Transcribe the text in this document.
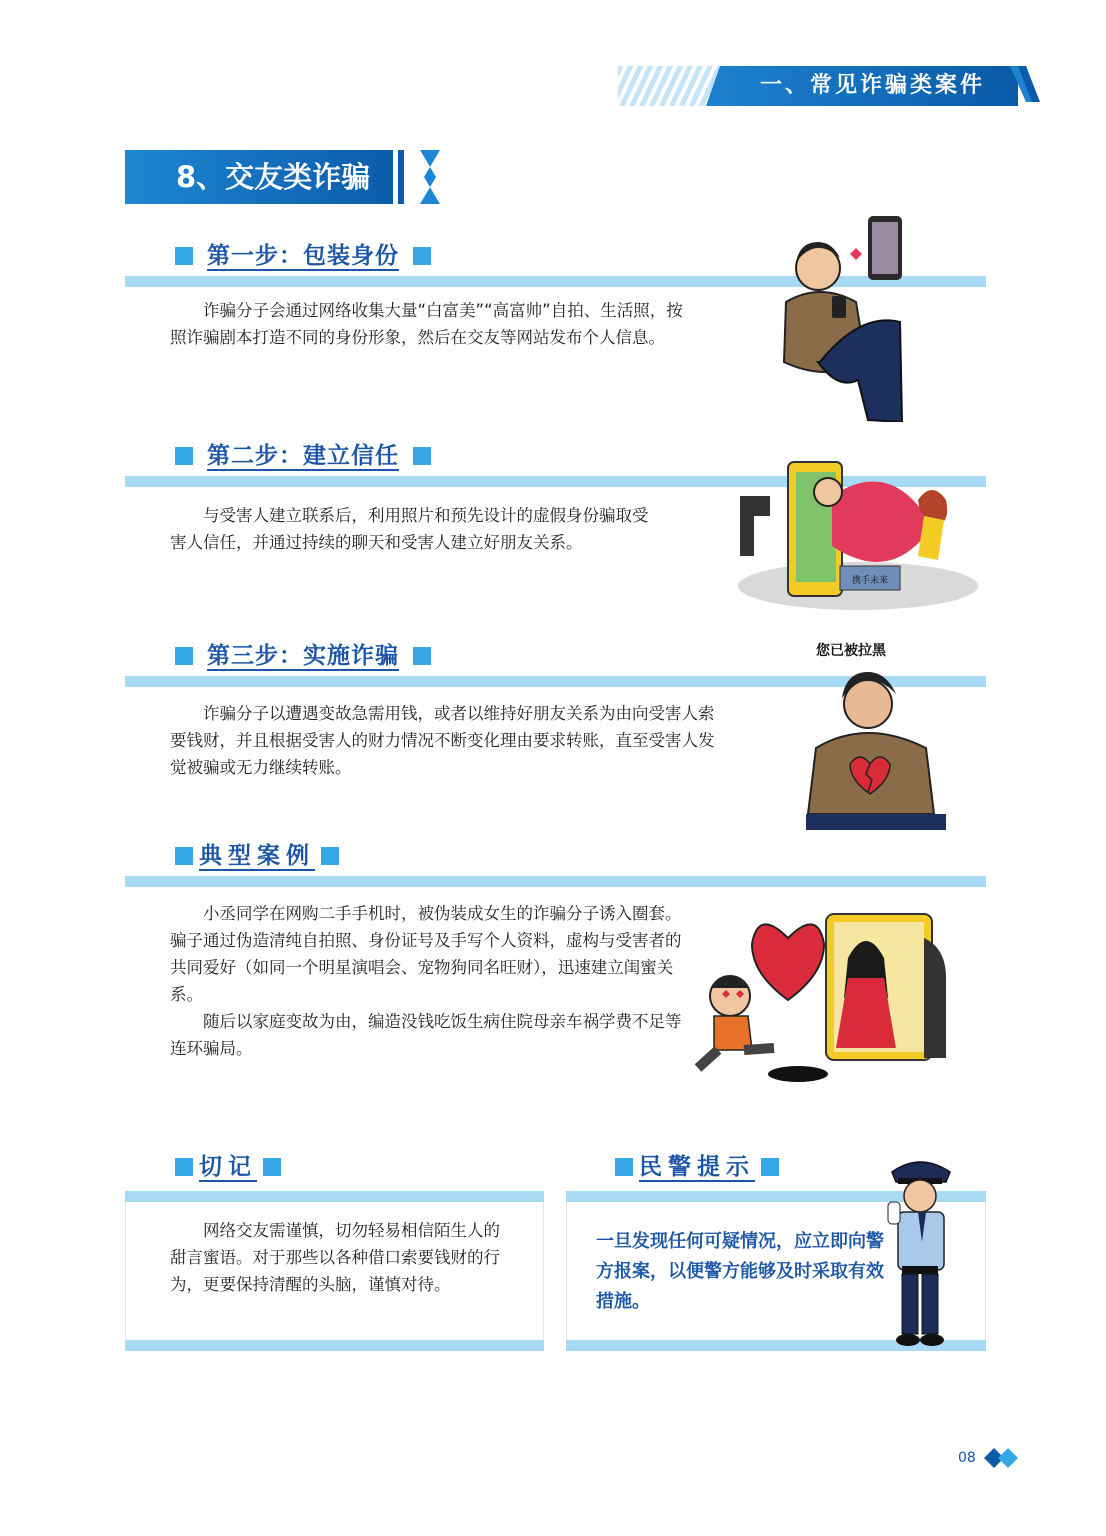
一、常见诈骗类案件
8、交友类诈骗
第一步：包装身份

诈骗分子会通过网络收集大量“白富美”“高富帅”自拍、生活照，按照诈骗剧本打造不同的身份形象，然后在交友等网站发布个人信息。

第二步：建立信任

与受害人建立联系后，利用照片和预先设计的虚假身份骗取受害人信任，并通过持续的聊天和受害人建立好朋友关系。

携手未来
第三步：实施诈骗

诈骗分子以遭遇变故急需用钱，或者以维持好朋友关系为由向受害人索要钱财，并且根据受害人的财力情况不断变化理由要求转账，直至受害人发觉被骗或无力继续转账。

您已被拉黑
典型案例

小丞同学在网购二手手机时，被伪装成女生的诈骗分子诱入圈套。骗子通过伪造清纯自拍照、身份证号及手写个人资料，虚构与受害者的共同爱好（如同一个明星演唱会、宠物狗同名旺财），迅速建立闺蜜关系。

随后以家庭变故为由，编造没钱吃饭生病住院母亲车祸学费不足等连环骗局。

切记

网络交友需谨慎，切勿轻易相信陌生人的甜言蜜语。对于那些以各种借口索要钱财的行为，更要保持清醒的头脑，谨慎对待。

民警提示
一旦发现任何可疑情况，应立即向警方报案，以便警方能够及时采取有效措施。
08
